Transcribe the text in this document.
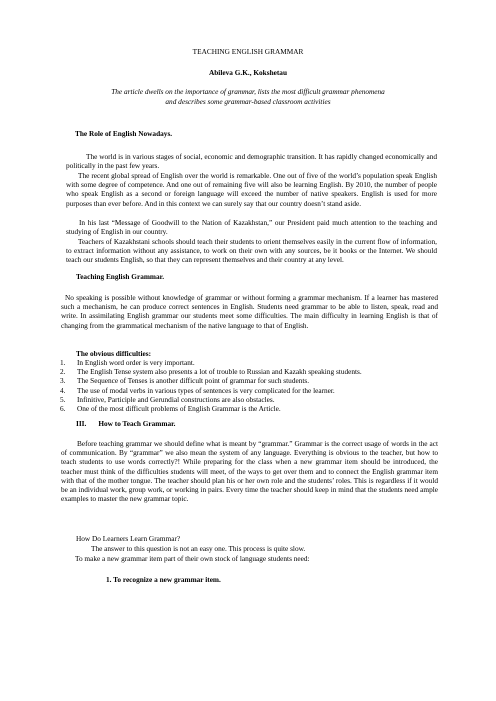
TEACHING ENGLISH GRAMMAR
Abileva G.K., Kokshetau
The article dwells on the importance of grammar, lists the most difficult grammar phenomena
and describes some grammar-based classroom activities
The Role of English Nowadays.
The world is in various stages of social, economic and demographic transition. It has rapidly changed economically and politically in the past few years.
The recent global spread of English over the world is remarkable. One out of five of the world’s population speak English with some degree of competence. And one out of remaining five will also be learning English. By 2010, the number of people who speak English as a second or foreign language will exceed the number of native speakers. English is used for more purposes than ever before. And in this context we can surely say that our country doesn’t stand aside.
In his last “Message of Goodwill to the Nation of Kazakhstan,” our President paid much attention to the teaching and studying of English in our country.
Teachers of Kazakhstani schools should teach their students to orient themselves easily in the current flow of information, to extract information without any assistance, to work on their own with any sources, be it books or the Internet. We should teach our students English, so that they can represent themselves and their country at any level.
Teaching English Grammar.
No speaking is possible without knowledge of grammar or without forming a grammar mechanism. If a learner has mastered such a mechanism, he can produce correct sentences in English. Students need grammar to be able to listen, speak, read and write. In assimilating English grammar our students meet some difficulties. The main difficulty in learning English is that of changing from the grammatical mechanism of the native language to that of English.
The obvious difficulties:
1. In English word order is very important.
2. The English Tense system also presents a lot of trouble to Russian and Kazakh speaking students.
3. The Sequence of Tenses is another difficult point of grammar for such students.
4. The use of modal verbs in various types of sentences is very complicated for the learner.
5. Infinitive, Participle and Gerundial constructions are also obstacles.
6. One of the most difficult problems of English Grammar is the Article.
III. How to Teach Grammar.
Before teaching grammar we should define what is meant by “grammar.” Grammar is the correct usage of words in the act of communication. By “grammar” we also mean the system of any language. Everything is obvious to the teacher, but how to teach students to use words correctly?! While preparing for the class when a new grammar item should be introduced, the teacher must think of the difficulties students will meet, of the ways to get over them and to connect the English grammar item with that of the mother tongue. The teacher should plan his or her own role and the students’ roles. This is regardless if it would be an individual work, group work, or working in pairs. Every time the teacher should keep in mind that the students need ample examples to master the new grammar topic.
How Do Learners Learn Grammar?
The answer to this question is not an easy one. This process is quite slow.
To make a new grammar item part of their own stock of language students need:
1. To recognize a new grammar item.
